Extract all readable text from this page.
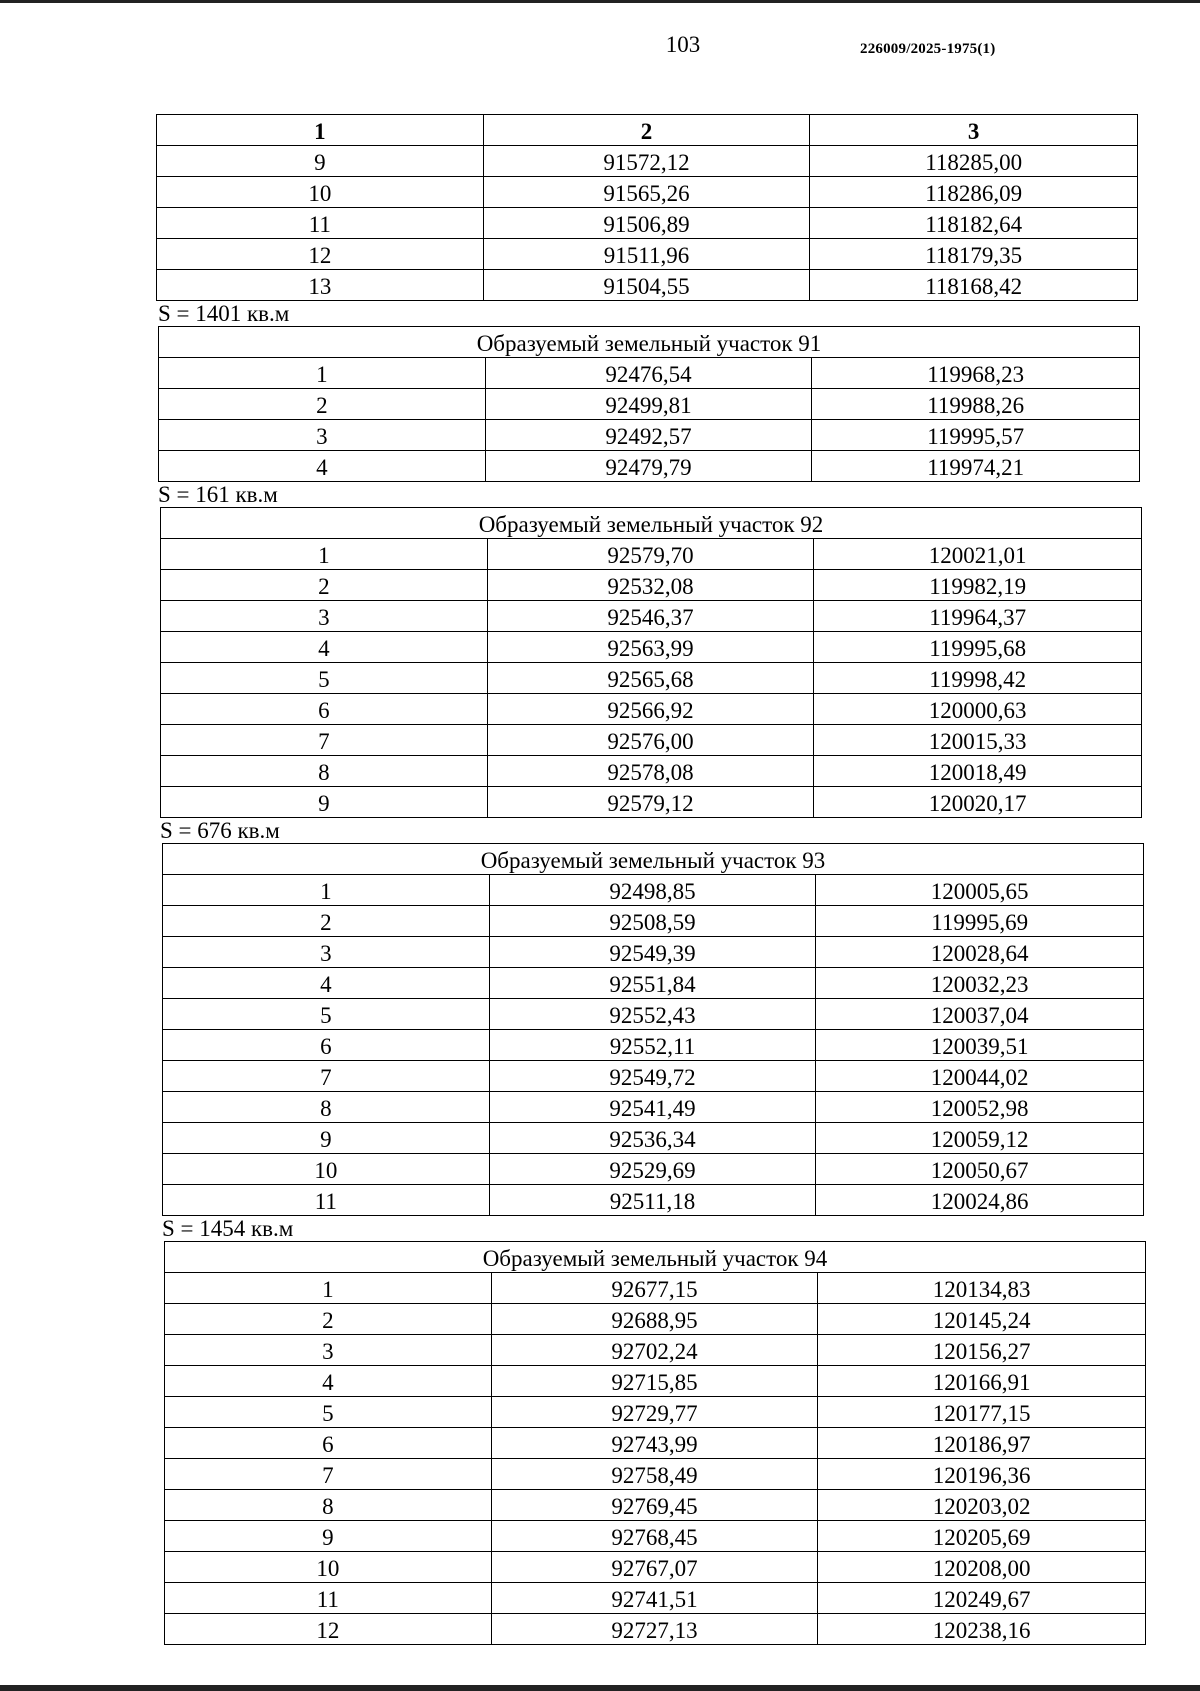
103	226009/2025-1975(1)
1	2	3
9	91572,12	118285,00
10	91565,26	118286,09
11	91506,89	118182,64
12	91511,96	118179,35
13	91504,55	118168,42
S = 1401 кв.м
Образуемый земельный участок 91		
1	92476,54	119968,23
2	92499,81	119988,26
3	92492,57	119995,57
4	92479,79	119974,21
S = 161 кв.м
Образуемый земельный участок 92		
1	92579,70	120021,01
2	92532,08	119982,19
3	92546,37	119964,37
4	92563,99	119995,68
5	92565,68	119998,42
6	92566,92	120000,63
7	92576,00	120015,33
8	92578,08	120018,49
9	92579,12	120020,17
S = 676 кв.м
Образуемый земельный участок 93		
1	92498,85	120005,65
2	92508,59	119995,69
3	92549,39	120028,64
4	92551,84	120032,23
5	92552,43	120037,04
6	92552,11	120039,51
7	92549,72	120044,02
8	92541,49	120052,98
9	92536,34	120059,12
10	92529,69	120050,67
11	92511,18	120024,86
S = 1454 кв.м
Образуемый земельный участок 94		
1	92677,15	120134,83
2	92688,95	120145,24
3	92702,24	120156,27
4	92715,85	120166,91
5	92729,77	120177,15
6	92743,99	120186,97
7	92758,49	120196,36
8	92769,45	120203,02
9	92768,45	120205,69
10	92767,07	120208,00
11	92741,51	120249,67
12	92727,13	120238,16
